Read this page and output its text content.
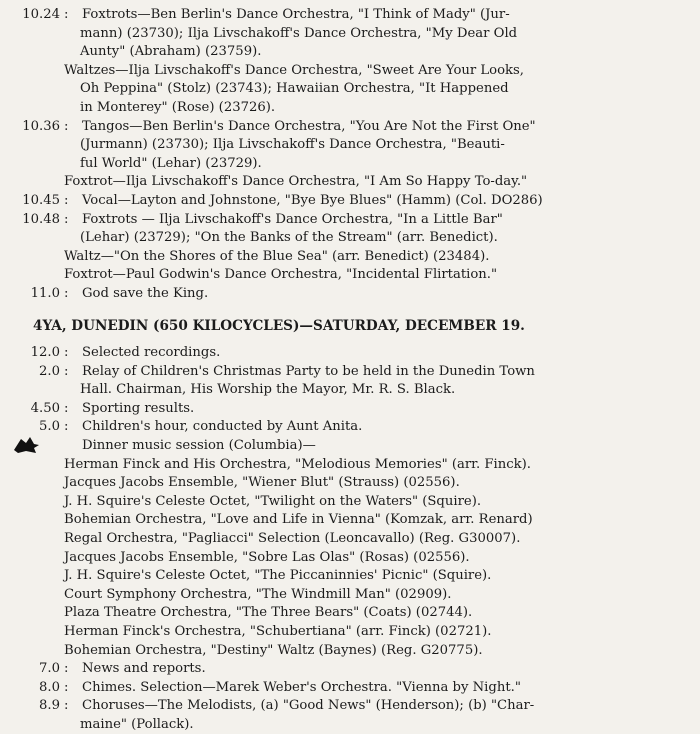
10.24 : Foxtrots—Ben Berlin's Dance Orchestra, "I Think of Mady" (Jur-
mann) (23730); Ilja Livschakoff's Dance Orchestra, "My Dear Old
Aunty" (Abraham) (23759).
Waltzes—Ilja Livschakoff's Dance Orchestra, "Sweet Are Your Looks,
Oh Peppina" (Stolz) (23743); Hawaiian Orchestra, "It Happened
in Monterey" (Rose) (23726).
10.36 : Tangos—Ben Berlin's Dance Orchestra, "You Are Not the First One"
(Jurmann) (23730); Ilja Livschakoff's Dance Orchestra, "Beauti-
ful World" (Lehar) (23729).
Foxtrot—Ilja Livschakoff's Dance Orchestra, "I Am So Happy To-day."
10.45 : Vocal—Layton and Johnstone, "Bye Bye Blues" (Hamm) (Col. DO286)
10.48 : Foxtrots — Ilja Livschakoff's Dance Orchestra, "In a Little Bar"
(Lehar) (23729); "On the Banks of the Stream" (arr. Benedict).
Waltz—"On the Shores of the Blue Sea" (arr. Benedict) (23484).
Foxtrot—Paul Godwin's Dance Orchestra, "Incidental Flirtation."
11.0 : God save the King.
4YA, DUNEDIN (650 KILOCYCLES)—SATURDAY, DECEMBER 19.
12.0 : Selected recordings.
2.0 : Relay of Children's Christmas Party to be held in the Dunedin Town
Hall. Chairman, His Worship the Mayor, Mr. R. S. Black.
4.50 : Sporting results.
5.0 : Children's hour, conducted by Aunt Anita.
Dinner music session (Columbia)—
Herman Finck and His Orchestra, "Melodious Memories" (arr. Finck).
Jacques Jacobs Ensemble, "Wiener Blut" (Strauss) (02556).
J. H. Squire's Celeste Octet, "Twilight on the Waters" (Squire).
Bohemian Orchestra, "Love and Life in Vienna" (Komzak, arr. Renard)
Regal Orchestra, "Pagliacci" Selection (Leoncavallo) (Reg. G30007).
Jacques Jacobs Ensemble, "Sobre Las Olas" (Rosas) (02556).
J. H. Squire's Celeste Octet, "The Piccaninnies' Picnic" (Squire).
Court Symphony Orchestra, "The Windmill Man" (02909).
Plaza Theatre Orchestra, "The Three Bears" (Coats) (02744).
Herman Finck's Orchestra, "Schubertiana" (arr. Finck) (02721).
Bohemian Orchestra, "Destiny" Waltz (Baynes) (Reg. G20775).
7.0 : News and reports.
8.0 : Chimes. Selection—Marek Weber's Orchestra. "Vienna by Night."
8.9 : Choruses—The Melodists, (a) "Good News" (Henderson); (b) "Char-
maine" (Pollack).
